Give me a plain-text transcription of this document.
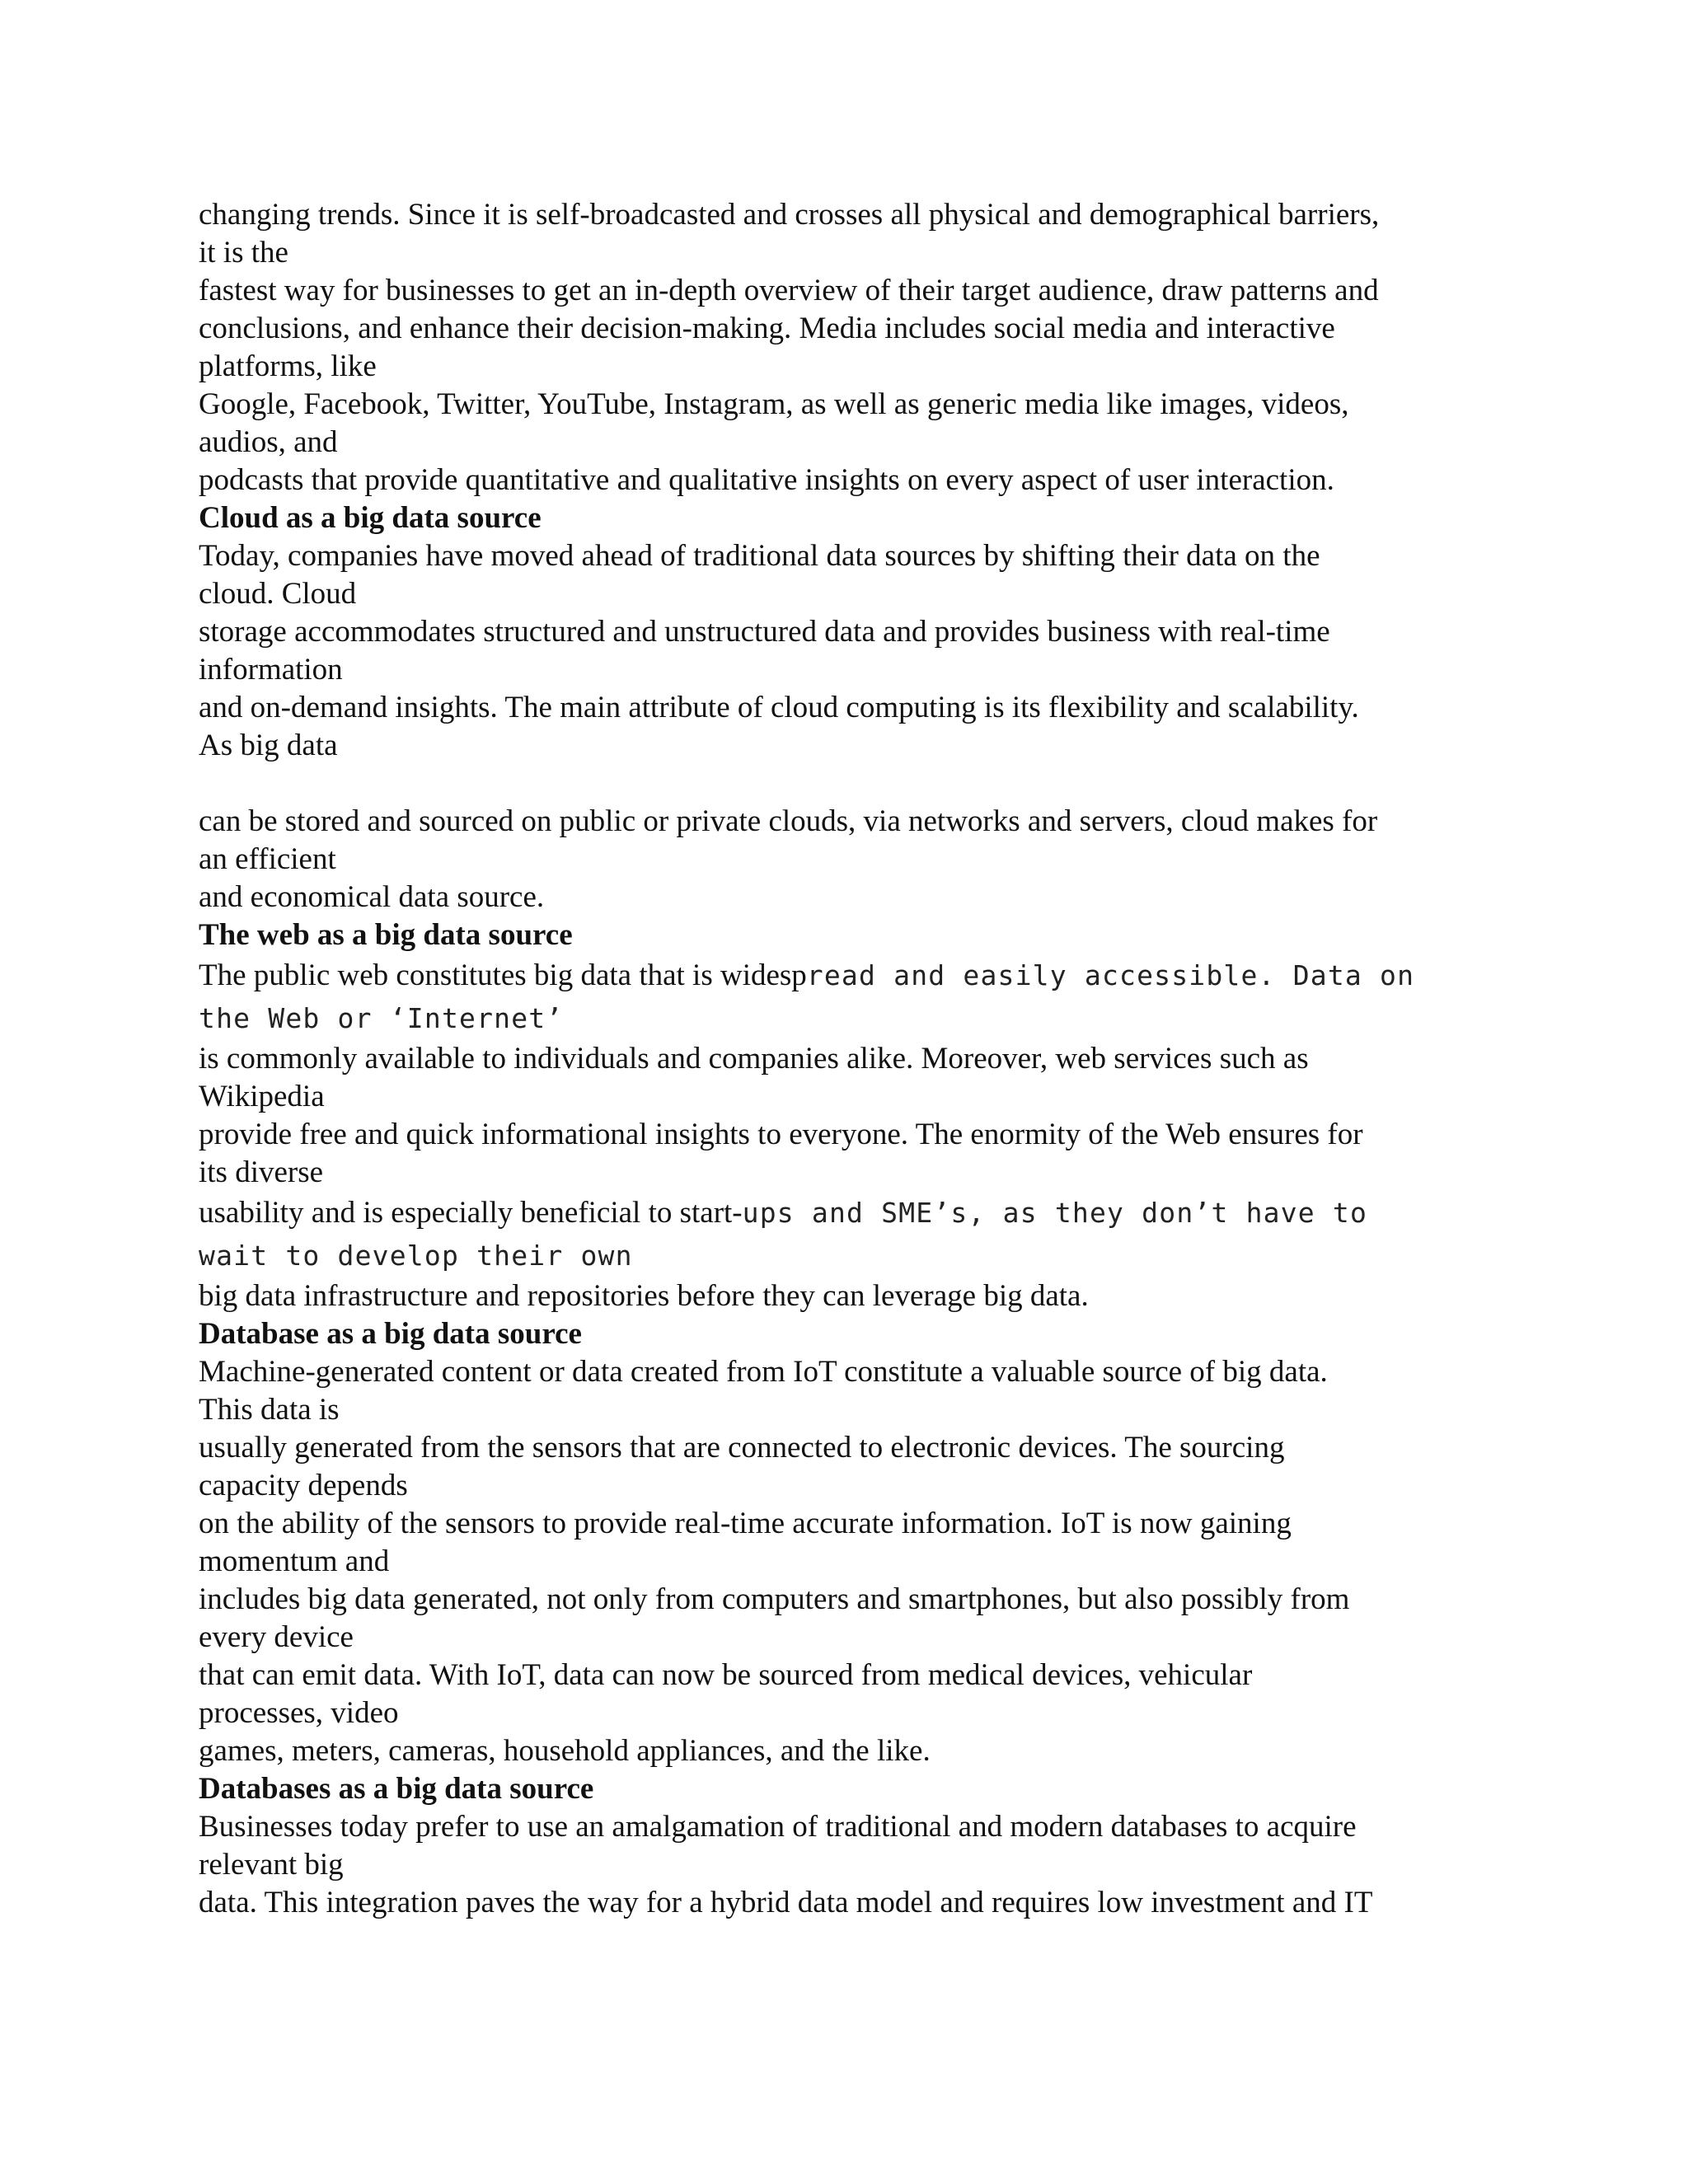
changing trends. Since it is self-broadcasted and crosses all physical and demographical barriers,
it is the
fastest way for businesses to get an in-depth overview of their target audience, draw patterns and
conclusions, and enhance their decision-making. Media includes social media and interactive
platforms, like
Google, Facebook, Twitter, YouTube, Instagram, as well as generic media like images, videos,
audios, and
podcasts that provide quantitative and qualitative insights on every aspect of user interaction.
Cloud as a big data source
Today, companies have moved ahead of traditional data sources by shifting their data on the
cloud. Cloud
storage accommodates structured and unstructured data and provides business with real-time
information
and on-demand insights. The main attribute of cloud computing is its flexibility and scalability.
As big data
can be stored and sourced on public or private clouds, via networks and servers, cloud makes for
an efficient
and economical data source.
The web as a big data source
The public web constitutes big data that is widespread and easily accessible. Data on
the Web or ‘Internet’
is commonly available to individuals and companies alike. Moreover, web services such as
Wikipedia
provide free and quick informational insights to everyone. The enormity of the Web ensures for
its diverse
usability and is especially beneficial to start-ups and SME’s, as they don’t have to
wait to develop their own
big data infrastructure and repositories before they can leverage big data.
Database as a big data source
Machine-generated content or data created from IoT constitute a valuable source of big data.
This data is
usually generated from the sensors that are connected to electronic devices. The sourcing
capacity depends
on the ability of the sensors to provide real-time accurate information. IoT is now gaining
momentum and
includes big data generated, not only from computers and smartphones, but also possibly from
every device
that can emit data. With IoT, data can now be sourced from medical devices, vehicular
processes, video
games, meters, cameras, household appliances, and the like.
Databases as a big data source
Businesses today prefer to use an amalgamation of traditional and modern databases to acquire
relevant big
data. This integration paves the way for a hybrid data model and requires low investment and IT
